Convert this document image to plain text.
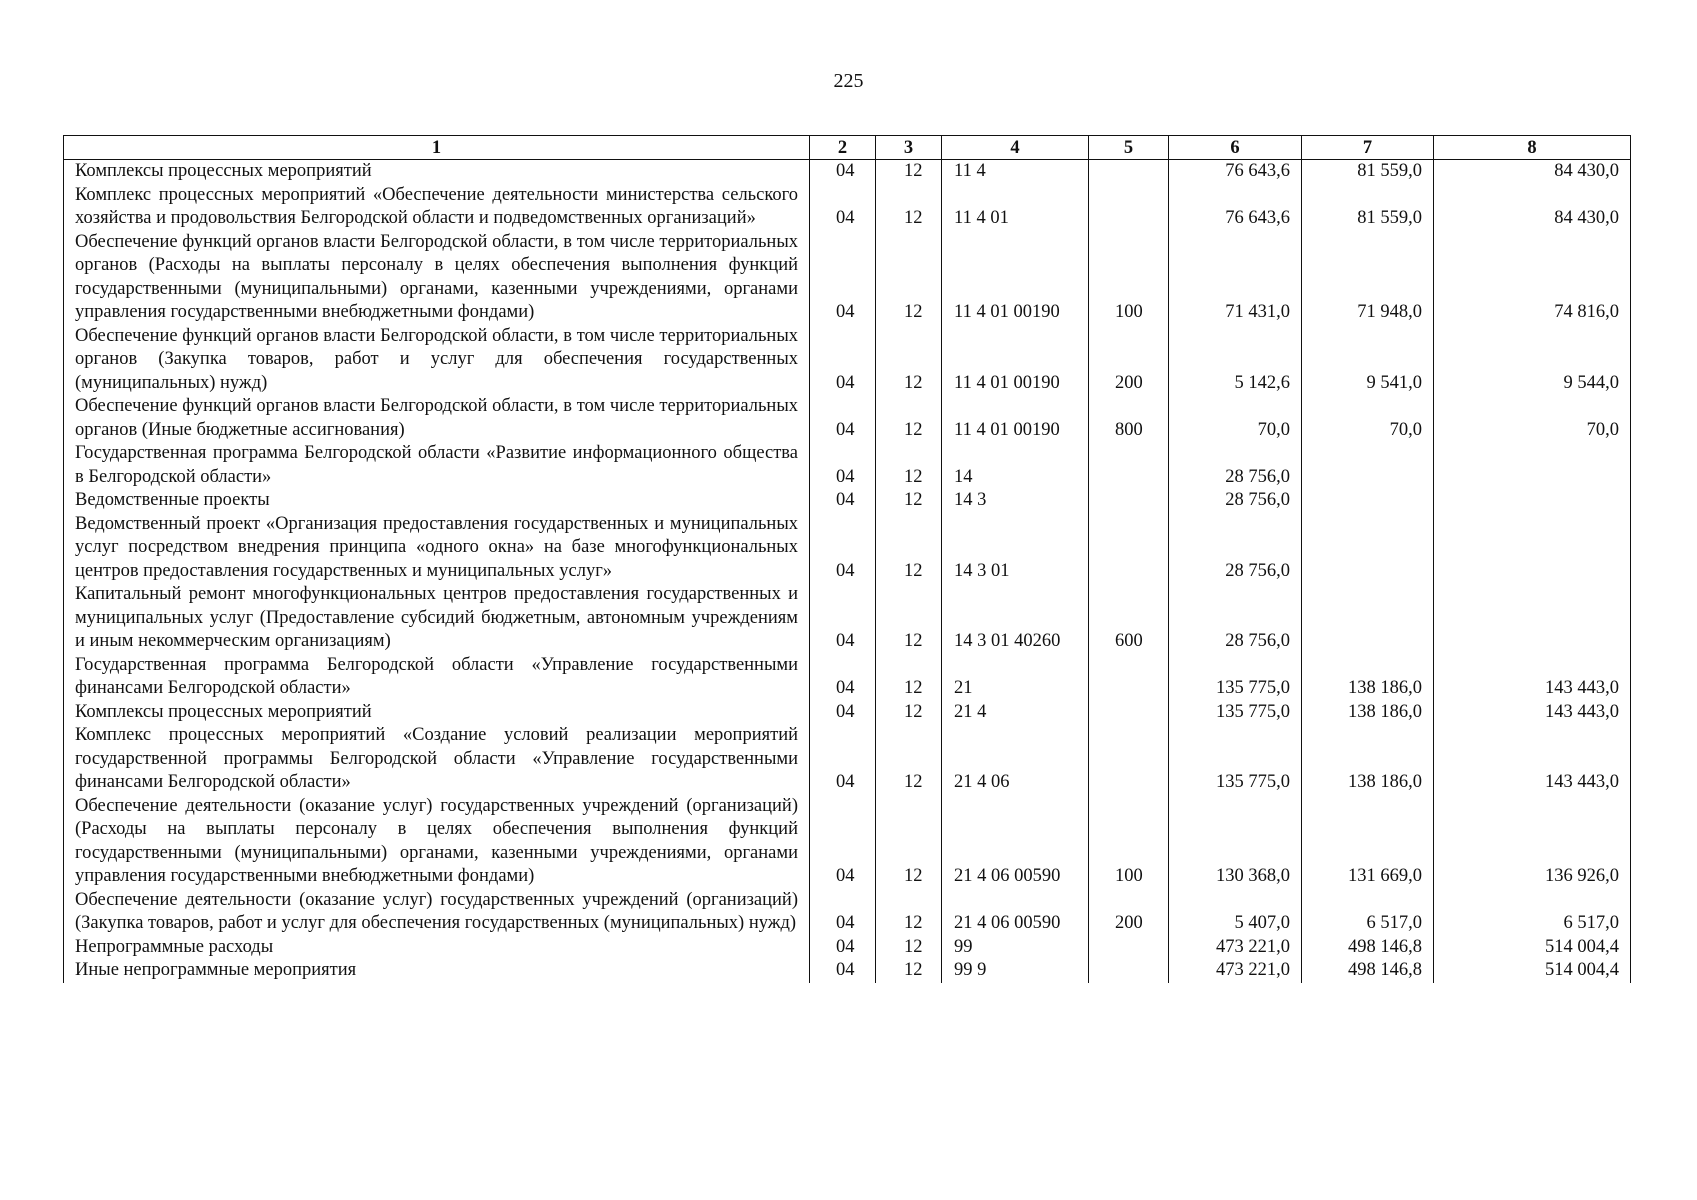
225
1	2	3	4	5	6	7	8
Комплексы процессных мероприятий	04	12	11 4		76 643,6	81 559,0	84 430,0
Комплекс процессных мероприятий «Обеспечение деятельности министерства сельского хозяйства и продовольствия Белгородской области и подведомственных организаций»	04	12	11 4 01		76 643,6	81 559,0	84 430,0
Обеспечение функций органов власти Белгородской области, в том числе территориальных органов (Расходы на выплаты персоналу в целях обеспечения выполнения функций государственными (муниципальными) органами, казенными учреждениями, органами управления государственными внебюджетными фондами)	04	12	11 4 01 00190	100	71 431,0	71 948,0	74 816,0
Обеспечение функций органов власти Белгородской области, в том числе территориальных органов (Закупка товаров, работ и услуг для обеспечения государственных (муниципальных) нужд)	04	12	11 4 01 00190	200	5 142,6	9 541,0	9 544,0
Обеспечение функций органов власти Белгородской области, в том числе территориальных органов (Иные бюджетные ассигнования)	04	12	11 4 01 00190	800	70,0	70,0	70,0
Государственная программа Белгородской области «Развитие информационного общества в Белгородской области»	04	12	14		28 756,0		
Ведомственные проекты	04	12	14 3		28 756,0		
Ведомственный проект «Организация предоставления государственных и муниципальных услуг посредством внедрения принципа «одного окна» на базе многофункциональных центров предоставления государственных и муниципальных услуг»	04	12	14 3 01		28 756,0		
Капитальный ремонт многофункциональных центров предоставления государственных и муниципальных услуг (Предоставление субсидий бюджетным, автономным учреждениям и иным некоммерческим организациям)	04	12	14 3 01 40260	600	28 756,0		
Государственная программа Белгородской области «Управление государственными финансами Белгородской области»	04	12	21		135 775,0	138 186,0	143 443,0
Комплексы процессных мероприятий	04	12	21 4		135 775,0	138 186,0	143 443,0
Комплекс процессных мероприятий «Создание условий реализации мероприятий государственной программы Белгородской области «Управление государственными финансами Белгородской области»	04	12	21 4 06		135 775,0	138 186,0	143 443,0
Обеспечение деятельности (оказание услуг) государственных учреждений (организаций) (Расходы на выплаты персоналу в целях обеспечения выполнения функций государственными (муниципальными) органами, казенными учреждениями, органами управления государственными внебюджетными фондами)	04	12	21 4 06 00590	100	130 368,0	131 669,0	136 926,0
Обеспечение деятельности (оказание услуг) государственных учреждений (организаций) (Закупка товаров, работ и услуг для обеспечения государственных (муниципальных) нужд)	04	12	21 4 06 00590	200	5 407,0	6 517,0	6 517,0
Непрограммные расходы	04	12	99		473 221,0	498 146,8	514 004,4
Иные непрограммные мероприятия	04	12	99 9		473 221,0	498 146,8	514 004,4
